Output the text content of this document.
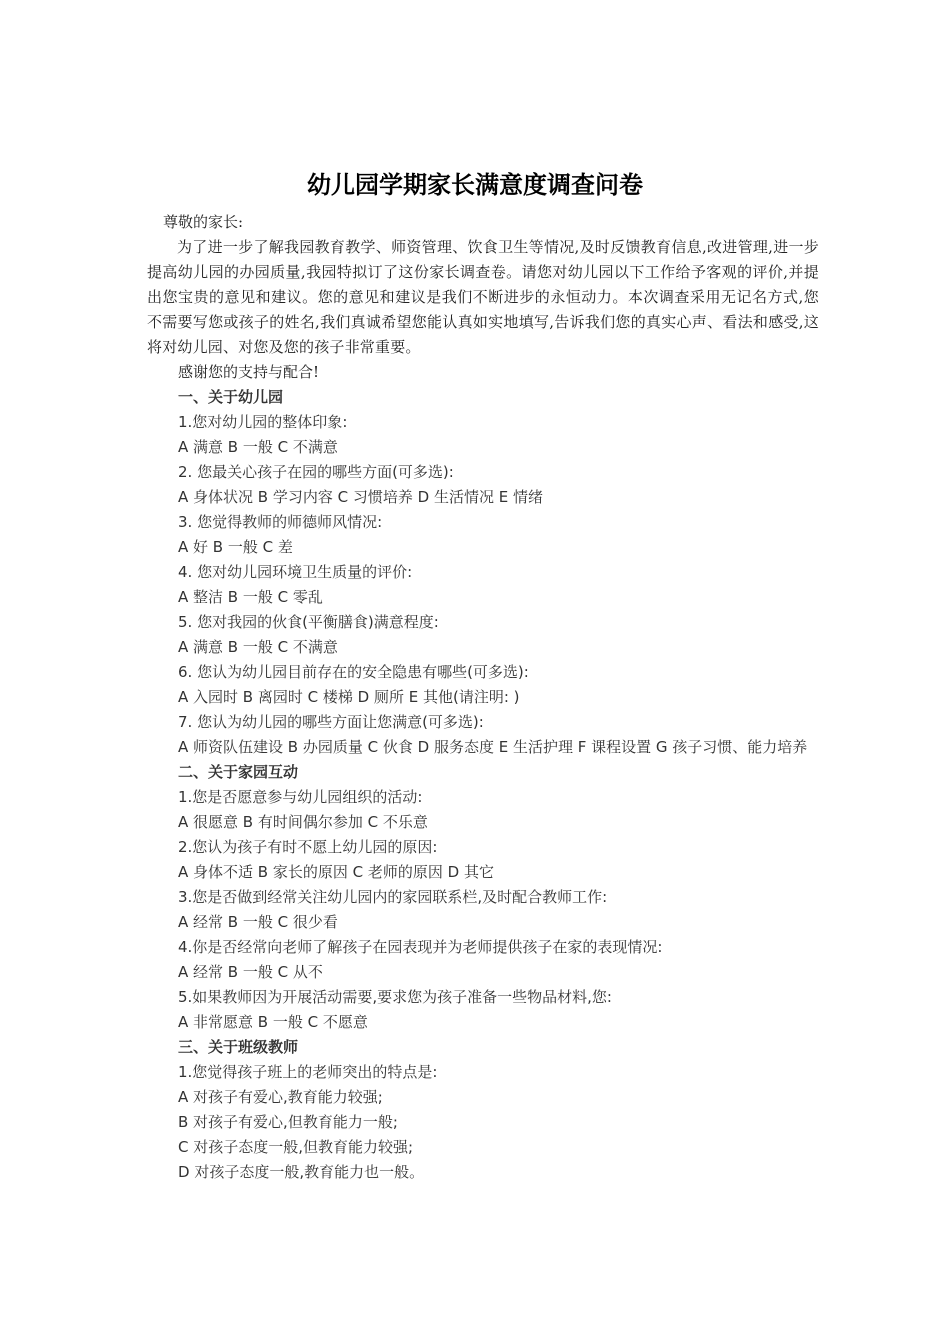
幼儿园学期家长满意度调查问卷

尊敬的家长:

为了进一步了解我园教育教学、师资管理、饮食卫生等情况,及时反馈教育信息,改进管理,进一步提高幼儿园的办园质量,我园特拟订了这份家长调查卷。请您对幼儿园以下工作给予客观的评价,并提出您宝贵的意见和建议。您的意见和建议是我们不断进步的永恒动力。本次调查采用无记名方式,您不需要写您或孩子的姓名,我们真诚希望您能认真如实地填写,告诉我们您的真实心声、看法和感受,这将对幼儿园、对您及您的孩子非常重要。

感谢您的支持与配合!

一、关于幼儿园

1.您对幼儿园的整体印象:

A 满意 B 一般 C 不满意

2. 您最关心孩子在园的哪些方面(可多选):

A 身体状况 B 学习内容 C 习惯培养 D 生活情况 E 情绪

3. 您觉得教师的师德师风情况:

A 好 B 一般 C 差

4. 您对幼儿园环境卫生质量的评价:

A 整洁 B 一般 C 零乱

5. 您对我园的伙食(平衡膳食)满意程度:

A 满意 B 一般 C 不满意

6. 您认为幼儿园目前存在的安全隐患有哪些(可多选):

A 入园时 B 离园时 C 楼梯 D 厕所 E 其他(请注明: )

7. 您认为幼儿园的哪些方面让您满意(可多选):

A 师资队伍建设 B 办园质量 C 伙食 D 服务态度 E 生活护理 F 课程设置 G 孩子习惯、能力培养

二、关于家园互动

1.您是否愿意参与幼儿园组织的活动:

A 很愿意 B 有时间偶尔参加 C 不乐意

2.您认为孩子有时不愿上幼儿园的原因:

A 身体不适 B 家长的原因 C 老师的原因 D 其它

3.您是否做到经常关注幼儿园内的家园联系栏,及时配合教师工作:

A 经常 B 一般 C 很少看

4.你是否经常向老师了解孩子在园表现并为老师提供孩子在家的表现情况:

A 经常 B 一般 C 从不

5.如果教师因为开展活动需要,要求您为孩子准备一些物品材料,您:

A 非常愿意 B 一般 C 不愿意

三、关于班级教师

1.您觉得孩子班上的老师突出的特点是:

A 对孩子有爱心,教育能力较强;

B 对孩子有爱心,但教育能力一般;

C 对孩子态度一般,但教育能力较强;

D 对孩子态度一般,教育能力也一般。
